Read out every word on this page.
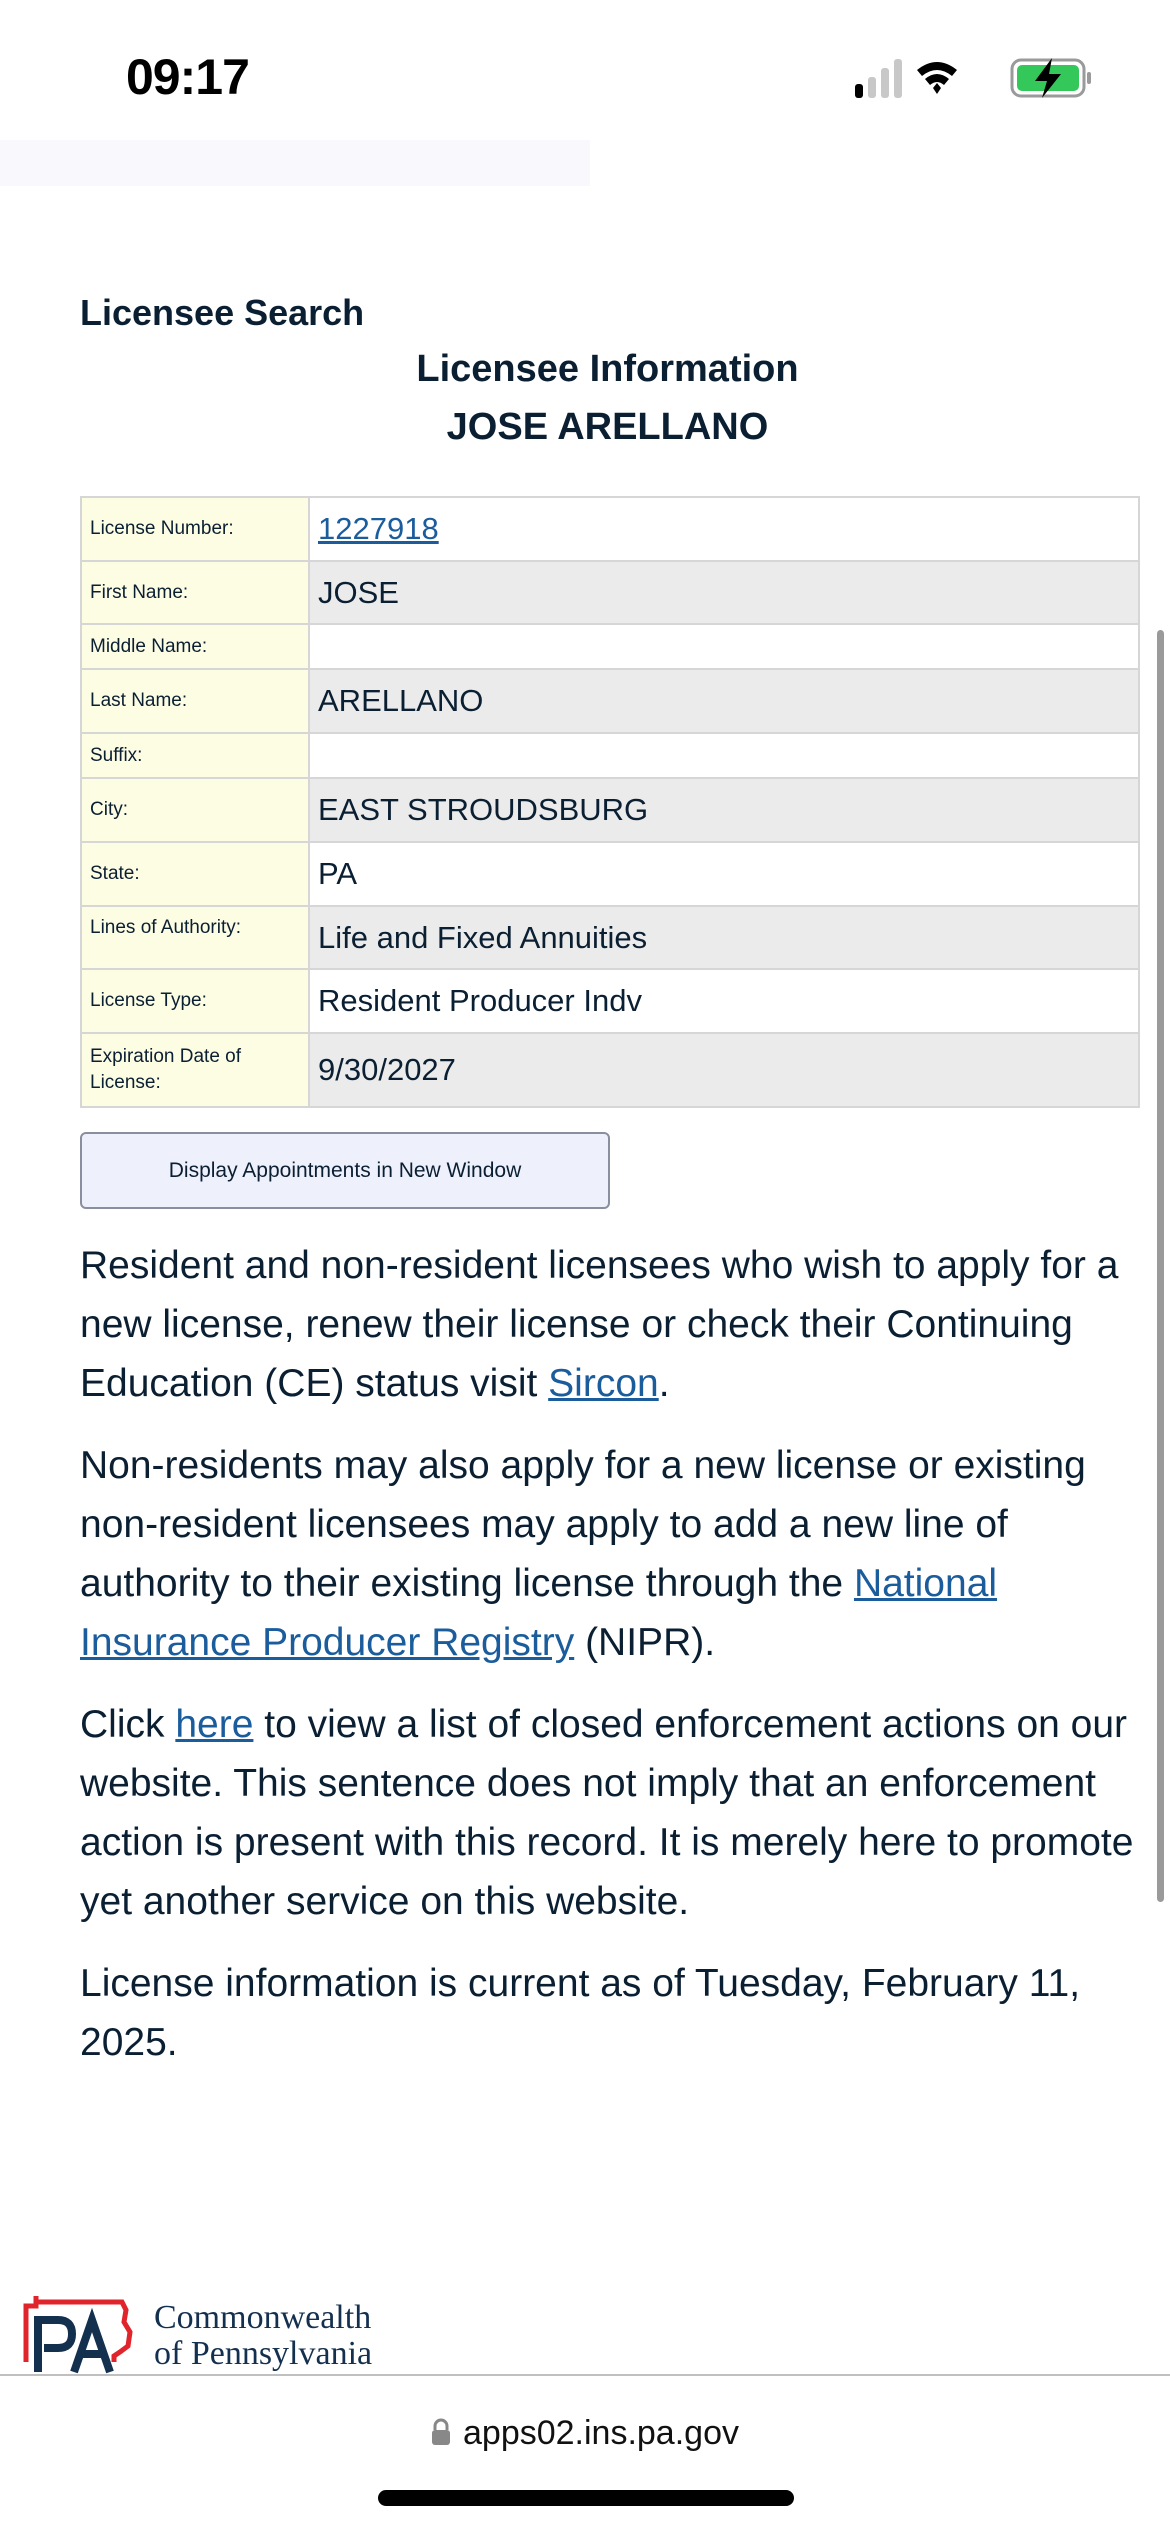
09:17
Licensee Search
Licensee Information
JOSE ARELLANO
License Number:	1227918
First Name:	JOSE
Middle Name:	
Last Name:	ARELLANO
Suffix:	
City:	EAST STROUDSBURG
State:	PA
Lines of Authority:	Life and Fixed Annuities
License Type:	Resident Producer Indv
Expiration Date of License:	9/30/2027
Display Appointments in New Window

Resident and non-resident licensees who wish to apply for a new license, renew their license or check their Continuing Education (CE) status visit Sircon.

Non-residents may also apply for a new license or existing non-resident licensees may apply to add a new line of authority to their existing license through the National Insurance Producer Registry (NIPR).

Click here to view a list of closed enforcement actions on our website. This sentence does not imply that an enforcement action is present with this record. It is merely here to promote yet another service on this website.

License information is current as of Tuesday, February 11, 2025.

Commonwealth
of Pennsylvania
apps02.ins.pa.gov
